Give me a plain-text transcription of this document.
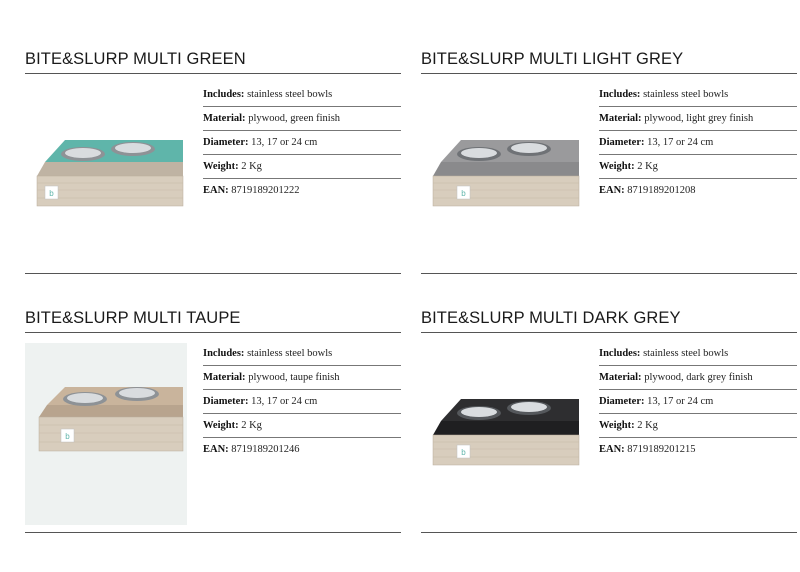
BITE&SLURP MULTI GREEN
b
Includes: stainless steel bowls
Material: plywood, green finish
Diameter: 13, 17 or 24 cm
Weight: 2 Kg
EAN: 8719189201222
BITE&SLURP MULTI LIGHT GREY
b
Includes: stainless steel bowls
Material: plywood, light grey finish
Diameter: 13, 17 or 24 cm
Weight: 2 Kg
EAN: 8719189201208
BITE&SLURP MULTI TAUPE
b
Includes: stainless steel bowls
Material: plywood, taupe finish
Diameter: 13, 17 or 24 cm
Weight: 2 Kg
EAN: 8719189201246
BITE&SLURP MULTI DARK GREY
b
Includes: stainless steel bowls
Material: plywood, dark grey finish
Diameter: 13, 17 or 24 cm
Weight: 2 Kg
EAN: 8719189201215
